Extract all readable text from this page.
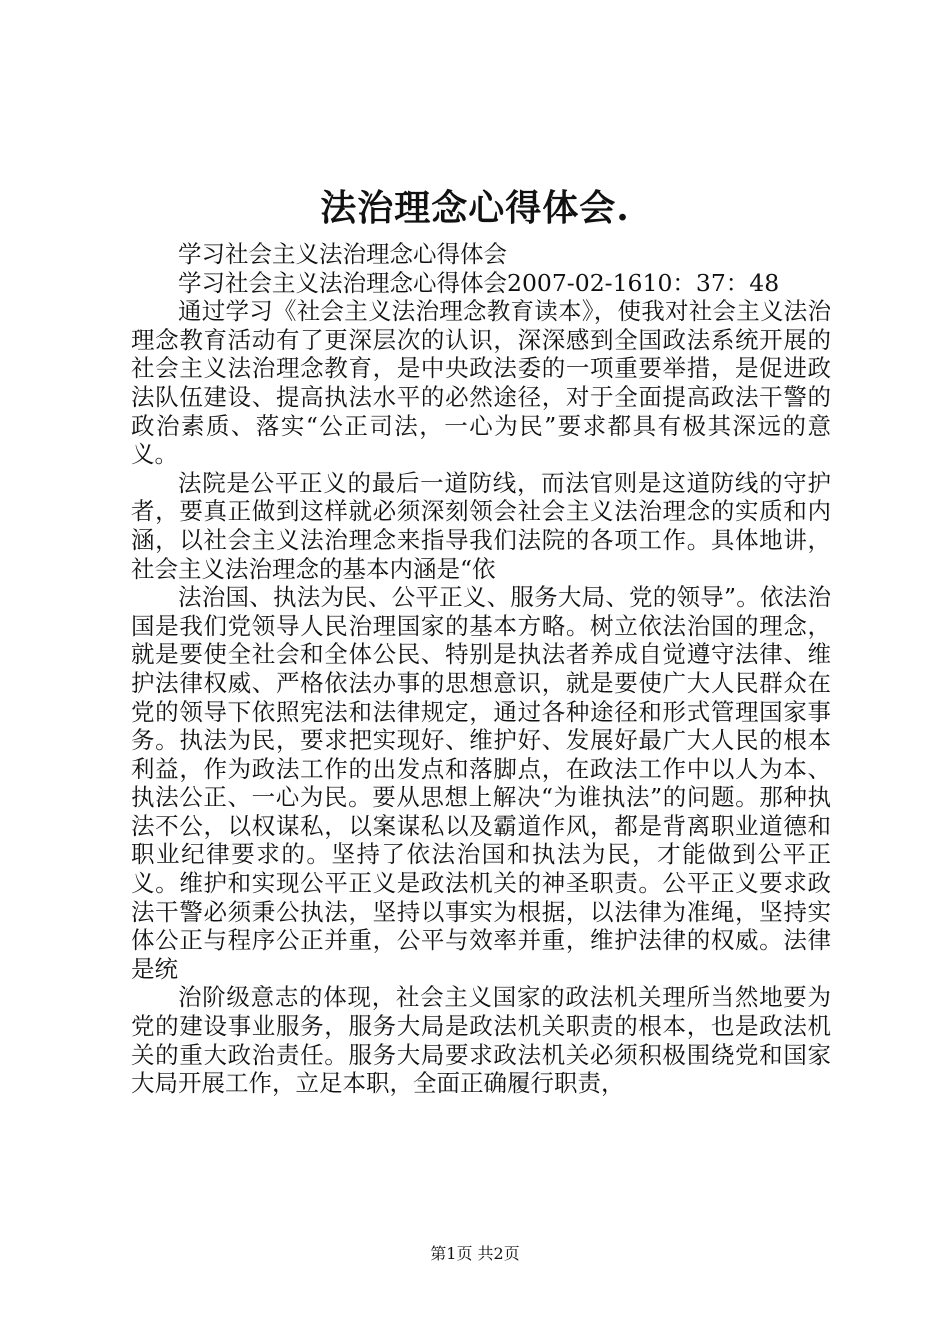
法治理念心得体会.

学习社会主义法治理念心得体会

学习社会主义法治理念心得体会2007-02-1610：37：48

通过学习《社会主义法治理念教育读本》，使我对社会主义法治理念教育活动有了更深层次的认识，深深感到全国政法系统开展的社会主义法治理念教育，是中央政法委的一项重要举措，是促进政法队伍建设、提高执法水平的必然途径，对于全面提高政法干警的政治素质、落实“公正司法，一心为民”要求都具有极其深远的意义。

法院是公平正义的最后一道防线，而法官则是这道防线的守护者，要真正做到这样就必须深刻领会社会主义法治理念的实质和内涵，以社会主义法治理念来指导我们法院的各项工作。具体地讲，社会主义法治理念的基本内涵是“依

法治国、执法为民、公平正义、服务大局、党的领导”。依法治国是我们党领导人民治理国家的基本方略。树立依法治国的理念，就是要使全社会和全体公民、特别是执法者养成自觉遵守法律、维护法律权威、严格依法办事的思想意识，就是要使广大人民群众在党的领导下依照宪法和法律规定，通过各种途径和形式管理国家事务。执法为民，要求把实现好、维护好、发展好最广大人民的根本利益，作为政法工作的出发点和落脚点，在政法工作中以人为本、执法公正、一心为民。要从思想上解决“为谁执法”的问题。那种执法不公，以权谋私，以案谋私以及霸道作风，都是背离职业道德和职业纪律要求的。坚持了依法治国和执法为民，才能做到公平正义。维护和实现公平正义是政法机关的神圣职责。公平正义要求政法干警必须秉公执法，坚持以事实为根据，以法律为准绳，坚持实体公正与程序公正并重，公平与效率并重，维护法律的权威。法律是统

治阶级意志的体现，社会主义国家的政法机关理所当然地要为党的建设事业服务，服务大局是政法机关职责的根本，也是政法机关的重大政治责任。服务大局要求政法机关必须积极围绕党和国家大局开展工作，立足本职，全面正确履行职责，

第1页 共2页
